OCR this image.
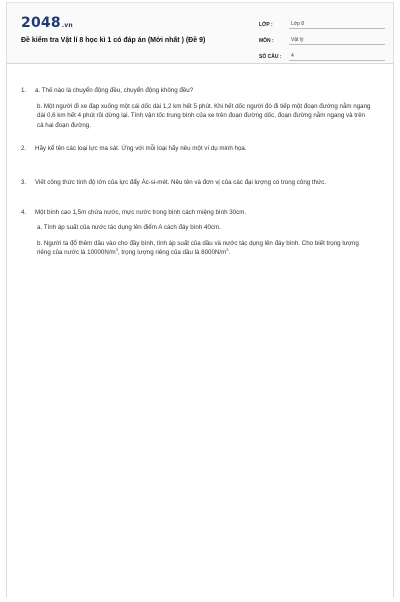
2048.vn
Đề kiểm tra Vật lí 8 học kì 1 có đáp án (Mới nhất ) (Đề 9)
LỚP :	Lớp 8
MÔN :	Vật lý
SỐ CÂU :	4
1.	a. Thế nào là chuyển động đều, chuyển động không đều?

b. Một người đi xe đạp xuống một cái dốc dài 1,2 km hết 5 phút. Khi hết dốc người đó đi tiếp một đoạn đường nằm ngang dài 0,6 km hết 4 phút rồi dừng lại. Tính vận tốc trung bình của xe trên đoạn đường dốc, đoạn đường nằm ngang và trên cả hai đoạn đường.

2.	Hãy kể tên các loại lực ma sát. Ứng với mỗi loại hãy nêu một ví dụ minh họa.

3.	Viết công thức tính độ lớn của lực đẩy Ác-si-mét. Nêu tên và đơn vị của các đại lượng có trong công thức.

4.	Một bình cao 1,5m chứa nước, mực nước trong bình cách miệng bình 30cm.

a. Tính áp suất của nước tác dụng lên điểm A cách đáy bình 40cm.

b. Người ta đổ thêm dầu vào cho đầy bình, tính áp suất của dầu và nước tác dụng lên đáy bình. Cho biết trọng lượng riêng của nước là $10000N/m^3$, trọng lượng riêng của dầu là $8000N/m^3$.
